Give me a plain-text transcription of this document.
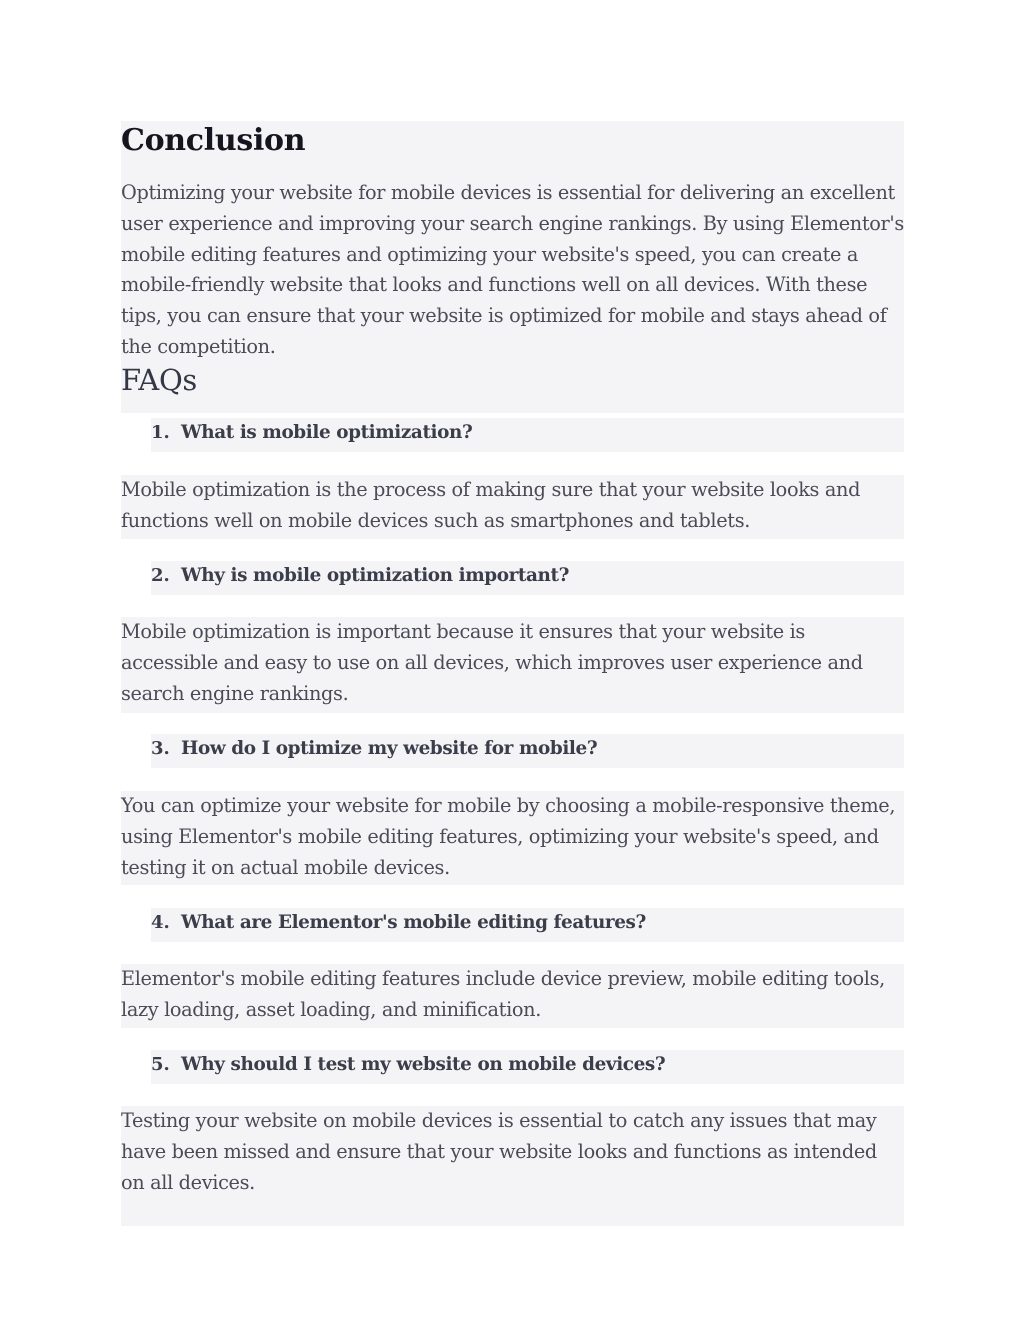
Conclusion

Optimizing your website for mobile devices is essential for delivering an excellent user experience and improving your search engine rankings. By using Elementor's mobile editing features and optimizing your website's speed, you can create a mobile-friendly website that looks and functions well on all devices. With these tips, you can ensure that your website is optimized for mobile and stays ahead of the competition.

FAQs
1. What is mobile optimization?

Mobile optimization is the process of making sure that your website looks and functions well on mobile devices such as smartphones and tablets.

2. Why is mobile optimization important?

Mobile optimization is important because it ensures that your website is accessible and easy to use on all devices, which improves user experience and search engine rankings.

3. How do I optimize my website for mobile?

You can optimize your website for mobile by choosing a mobile-responsive theme, using Elementor's mobile editing features, optimizing your website's speed, and testing it on actual mobile devices.

4. What are Elementor's mobile editing features?

Elementor's mobile editing features include device preview, mobile editing tools, lazy loading, asset loading, and minification.

5. Why should I test my website on mobile devices?

Testing your website on mobile devices is essential to catch any issues that may have been missed and ensure that your website looks and functions as intended on all devices.
